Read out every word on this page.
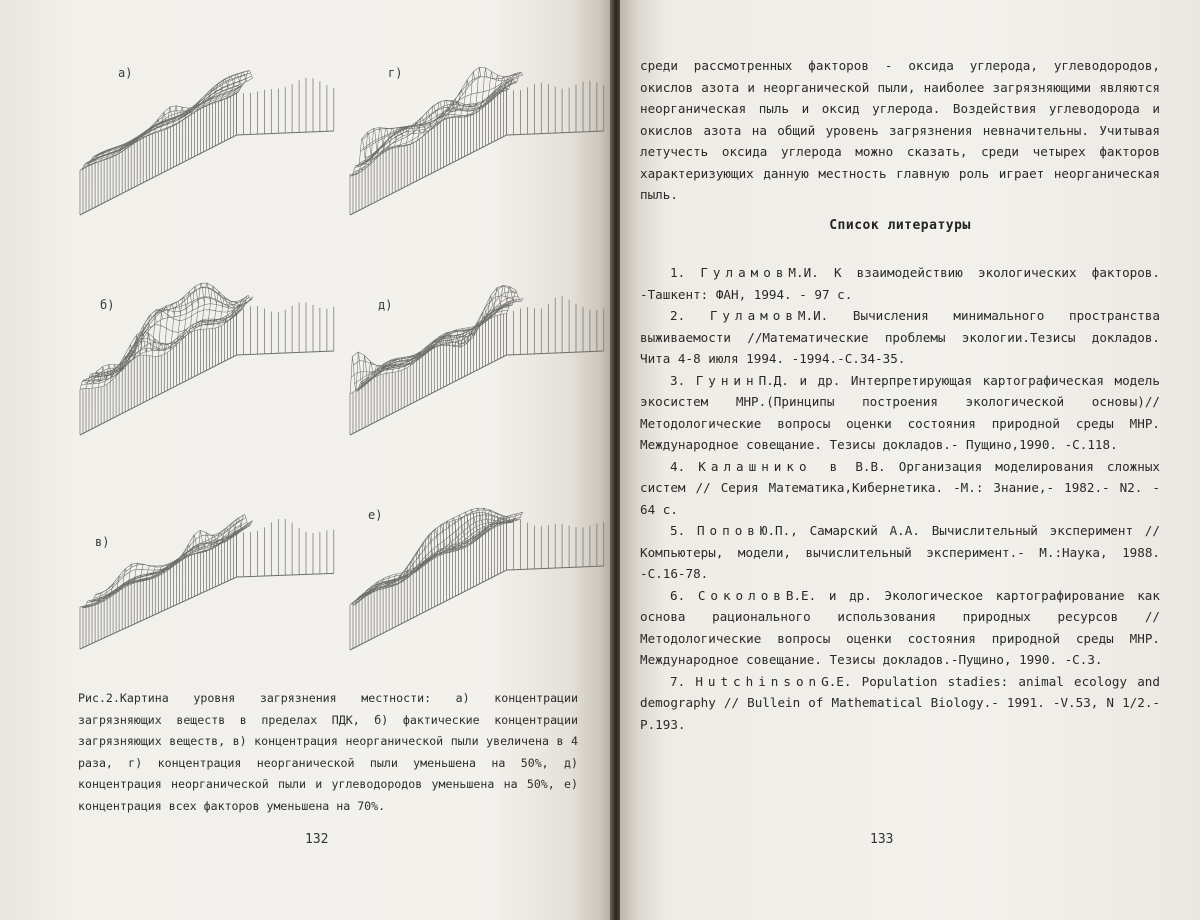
а)	г)
б)	д)
в)
е)

Рис.2.Картина уровня загрязнения местности: а) концентрации загрязняющих веществ в пределах ПДК, б) фактические концентрации загрязняющих веществ, в) концентрация неорганической пыли увеличена в 4 раза, г) концентрация неорганической пыли уменьшена на 50%, д) концентрация неорганической пыли и углеводородов уменьшена на 50%, е) концентрация всех факторов уменьшена на 70%.

132

среди рассмотренных факторов - оксида углерода, углеводородов, окислов азота и неорганической пыли, наиболее загрязняющими являются неорганическая пыль и оксид углерода. Воздействия углеводорода и окислов азота на общий уровень загрязнения невначительны. Учитывая летучесть оксида углерода можно сказать, среди четырех факторов характеризующих данную местность главную роль играет неорганическая пыль.

Список литературы
1. ГуламовМ.И. К взаимодействию экологических факторов. -Ташкент: ФАН, 1994. - 97 с.
2. ГуламовМ.И. Вычисления минимального пространства выживаемости //Математические проблемы экологии.Тезисы докладов. Чита 4-8 июля 1994. -1994.-С.34-35.
3. ГунинП.Д. и др. Интерпретирующая картографическая модель экосистем МНР.(Принципы построения экологической основы)// Методологические вопросы оценки состояния природной среды МНР. Международное совещание. Тезисы докладов.- Пущино,1990. -С.118.
4. Калашнико в В.В. Организация моделирования сложных систем // Серия Математика,Кибернетика. -М.: Знание,- 1982.- N2. - 64 с.
5. ПоповЮ.П., Самарский А.А. Вычислительный эксперимент //Компьютеры, модели, вычислительный эксперимент.- М.:Наука, 1988. -С.16-78.
6. СоколовВ.Е. и др. Экологическое картографирование как основа рационального использования природных ресурсов //Методологические вопросы оценки состояния природной среды МНР. Международное совещание. Тезисы докладов.-Пущино, 1990. -С.3.
7. HutchinsonG.E. Population stadies: animal ecology and demography // Bullein of Mathematical Biology.- 1991. -V.53, N 1/2.- P.193.
133
